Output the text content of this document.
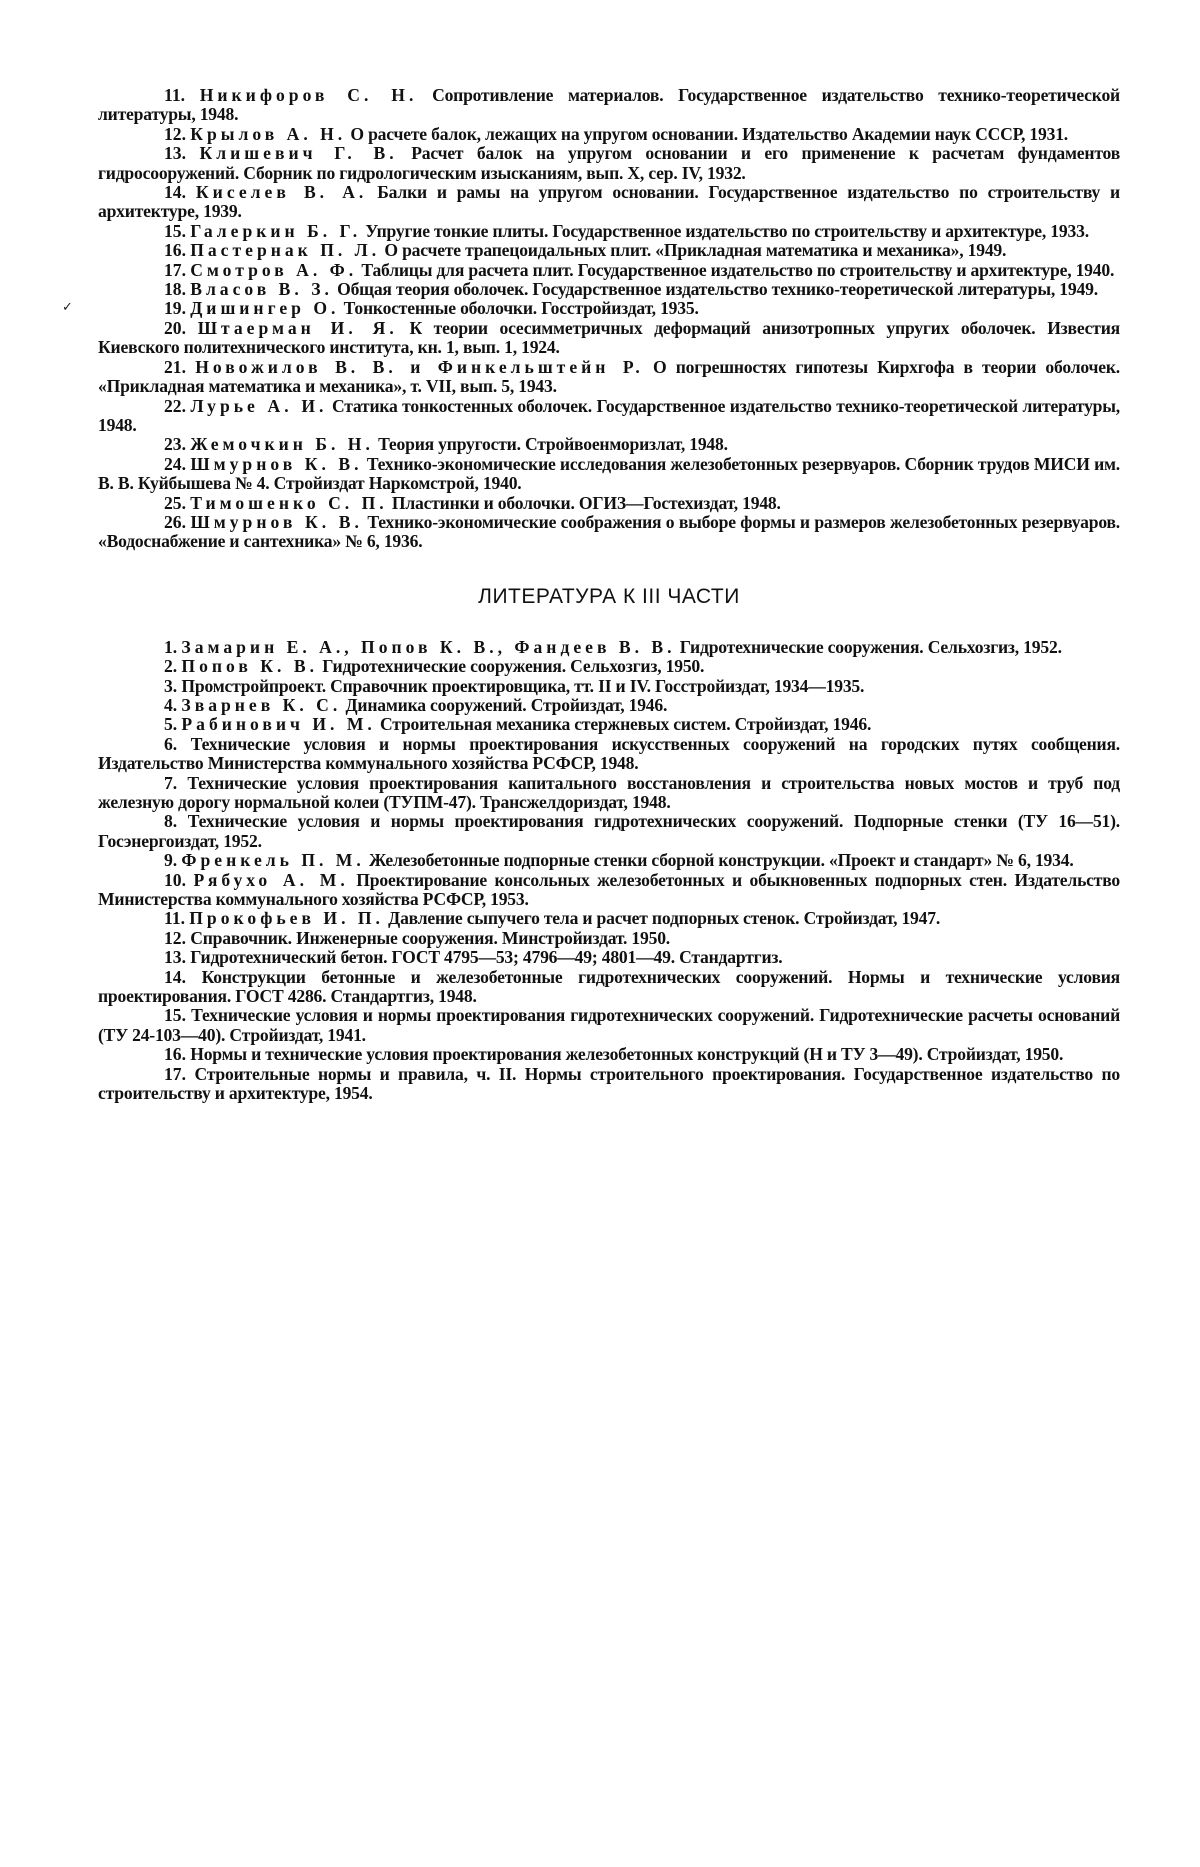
✓

11. Никифоров С. Н. Сопротивление материалов. Государственное издательство технико-теоретической литературы, 1948.

12. Крылов А. Н. О расчете балок, лежащих на упругом основании. Издательство Академии наук СССР, 1931.

13. Клишевич Г. В. Расчет балок на упругом основании и его применение к расчетам фундаментов гидросооружений. Сборник по гидрологическим изысканиям, вып. X, сер. IV, 1932.

14. Киселев В. А. Балки и рамы на упругом основании. Государственное издательство по строительству и архитектуре, 1939.

15. Галеркин Б. Г. Упругие тонкие плиты. Государственное издательство по строительству и архитектуре, 1933.

16. Пастернак П. Л. О расчете трапецоидальных плит. «Прикладная математика и механика», 1949.

17. Смотров А. Ф. Таблицы для расчета плит. Государственное издательство по строительству и архитектуре, 1940.

18. Власов В. З. Общая теория оболочек. Государственное издательство технико-теоретической литературы, 1949.

19. Дишингер О. Тонкостенные оболочки. Госстройиздат, 1935.

20. Штаерман И. Я. К теории осесимметричных деформаций анизотропных упругих оболочек. Известия Киевского политехнического института, кн. 1, вып. 1, 1924.

21. Новожилов В. В. и Финкельштейн Р. О погрешностях гипотезы Кирхгофа в теории оболочек. «Прикладная математика и механика», т. VII, вып. 5, 1943.

22. Лурье А. И. Статика тонкостенных оболочек. Государственное издательство технико-теоретической литературы, 1948.

23. Жемочкин Б. Н. Теория упругости. Стройвоенморизлат, 1948.

24. Шмурнов К. В. Технико-экономические исследования железобетонных резервуаров. Сборник трудов МИСИ им. В. В. Куйбышева № 4. Стройиздат Наркомстрой, 1940.

25. Тимошенко С. П. Пластинки и оболочки. ОГИЗ—Гостехиздат, 1948.

26. Шмурнов К. В. Технико-экономические соображения о выборе формы и размеров железобетонных резервуаров. «Водоснабжение и сантехника» № 6, 1936.

ЛИТЕРАТУРА К III ЧАСТИ

1. Замарин Е. А., Попов К. В., Фандеев В. В. Гидротехнические сооружения. Сельхозгиз, 1952.

2. Попов К. В. Гидротехнические сооружения. Сельхозгиз, 1950.

3. Промстройпроект. Справочник проектировщика, тт. II и IV. Госстройиздат, 1934—1935.

4. Зварнев К. С. Динамика сооружений. Стройиздат, 1946.

5. Рабинович И. М. Строительная механика стержневых систем. Стройиздат, 1946.

6. Технические условия и нормы проектирования искусственных сооружений на городских путях сообщения. Издательство Министерства коммунального хозяйства РСФСР, 1948.

7. Технические условия проектирования капитального восстановления и строительства новых мостов и труб под железную дорогу нормальной колеи (ТУПМ-47). Трансжелдориздат, 1948.

8. Технические условия и нормы проектирования гидротехнических сооружений. Подпорные стенки (ТУ 16—51). Госэнергоиздат, 1952.

9. Френкель П. М. Железобетонные подпорные стенки сборной конструкции. «Проект и стандарт» № 6, 1934.

10. Рябухо А. М. Проектирование консольных железобетонных и обыкновенных подпорных стен. Издательство Министерства коммунального хозяйства РСФСР, 1953.

11. Прокофьев И. П. Давление сыпучего тела и расчет подпорных стенок. Стройиздат, 1947.

12. Справочник. Инженерные сооружения. Минстройиздат. 1950.

13. Гидротехнический бетон. ГОСТ 4795—53; 4796—49; 4801—49. Стандартгиз.

14. Конструкции бетонные и железобетонные гидротехнических сооружений. Нормы и технические условия проектирования. ГОСТ 4286. Стандартгиз, 1948.

15. Технические условия и нормы проектирования гидротехнических сооружений. Гидротехнические расчеты оснований (ТУ 24-103—40). Стройиздат, 1941.

16. Нормы и технические условия проектирования железобетонных конструкций (Н и ТУ 3—49). Стройиздат, 1950.

17. Строительные нормы и правила, ч. II. Нормы строительного проектирования. Государственное издательство по строительству и архитектуре, 1954.
